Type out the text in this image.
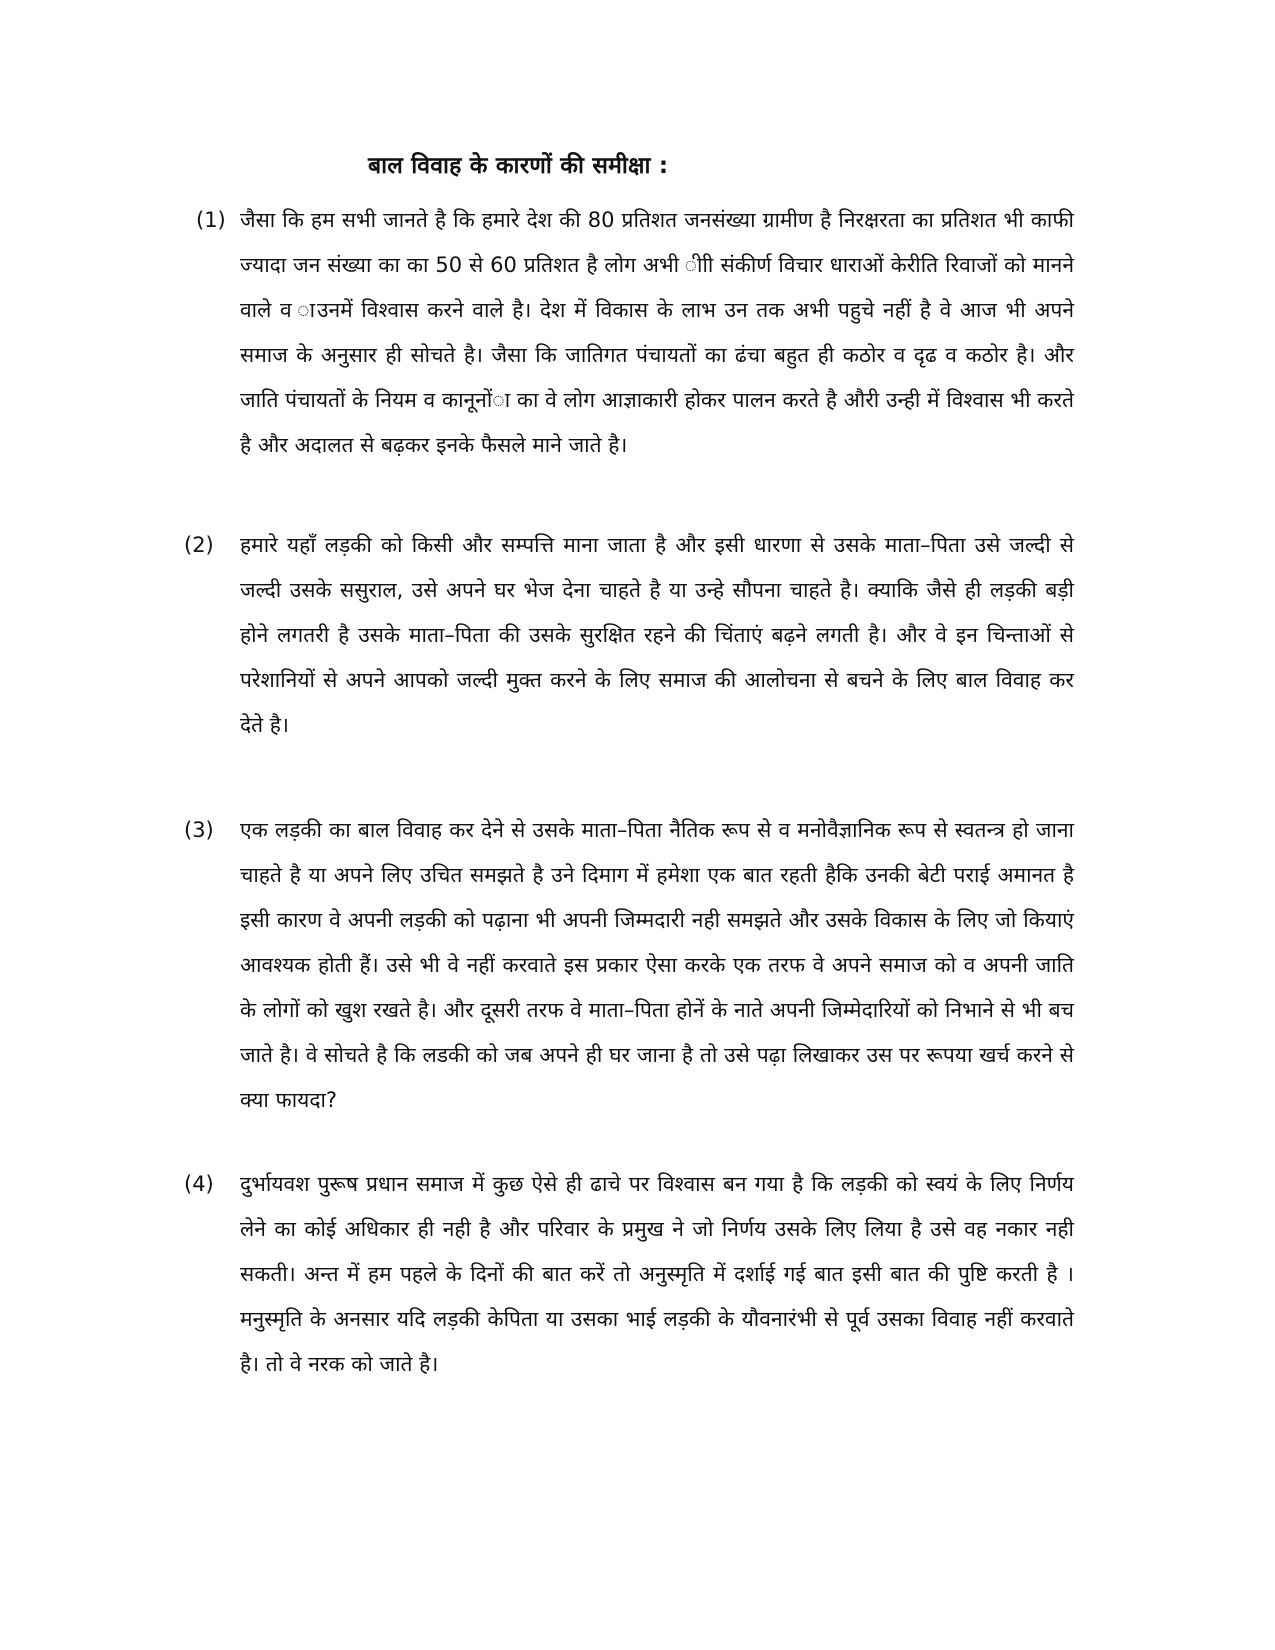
बाल विवाह के कारणों की समीक्षा :
(1) जैसा कि हम सभी जानते है कि हमारे देश की 80 प्रतिशत जनसंख्या ग्रामीण है निरक्षरता का प्रतिशत भी काफी ज्यादा जन संख्या का का 50 से 60 प्रतिशत है लोग अभी ीाी संकीर्ण विचार धाराओं केरीति रिवाजों को मानने वाले व ाउनमें विश्वास करने वाले है। देश में विकास के लाभ उन तक अभी पहुचे नहीं है वे आज भी अपने समाज के अनुसार ही सोचते है। जैसा कि जातिगत पंचायतों का ढंचा बहुत ही कठोर व दृढ व कठोर है। और जाति पंचायतों के नियम व कानूनोंा का वे लोग आज्ञाकारी होकर पालन करते है औरी उन्ही में विश्वास भी करते है और अदालत से बढ़कर इनके फैसले माने जाते है।

(2)	हमारे यहाँ लड़की को किसी और सम्पत्ति माना जाता है और इसी धारणा से उसके माता–पिता उसे जल्दी से जल्दी उसके ससुराल, उसे अपने घर भेज देना चाहते है या उन्हे सौपना चाहते है। क्याकि जैसे ही लड़की बड़ी होने लगतरी है उसके माता–पिता की उसके सुरक्षित रहने की चिंताएं बढ़ने लगती है। और वे इन चिन्ताओं से परेशानियों से अपने आपको जल्दी मुक्त करने के लिए समाज की आलोचना से बचने के लिए बाल विवाह कर देते है।

(3)	एक लड़की का बाल विवाह कर देने से उसके माता–पिता नैतिक रूप से व मनोवैज्ञानिक रूप से स्वतन्त्र हो जाना चाहते है या अपने लिए उचित समझते है उने दिमाग में हमेशा एक बात रहती हैकि उनकी बेटी पराई अमानत है इसी कारण वे अपनी लड़की को पढ़ाना भी अपनी जिम्मदारी नही समझते और उसके विकास के लिए जो कियाएं आवश्यक होती हैं। उसे भी वे नहीं करवाते इस प्रकार ऐसा करके एक तरफ वे अपने समाज को व अपनी जाति के लोगों को खुश रखते है। और दूसरी तरफ वे माता–पिता होनें के नाते अपनी जिम्मेदारियों को निभाने से भी बच जाते है। वे सोचते है कि लडकी को जब अपने ही घर जाना है तो उसे पढ़ा लिखाकर उस पर रूपया खर्च करने से क्या फायदा?

(4)	दुर्भायवश पुरूष प्रधान समाज में कुछ ऐसे ही ढाचे पर विश्वास बन गया है कि लड़की को स्वयं के लिए निर्णय लेने का कोई अधिकार ही नही है और परिवार के प्रमुख ने जो निर्णय उसके लिए लिया है उसे वह नकार नही सकती। अन्त में हम पहले के दिनों की बात करें तो अनुस्मृति में दर्शाई गई बात इसी बात की पुष्टि करती है । मनुस्मृति के अनसार यदि लड़की केपिता या उसका भाई लड़की के यौवनारंभी से पूर्व उसका विवाह नहीं करवाते है। तो वे नरक को जाते है।
